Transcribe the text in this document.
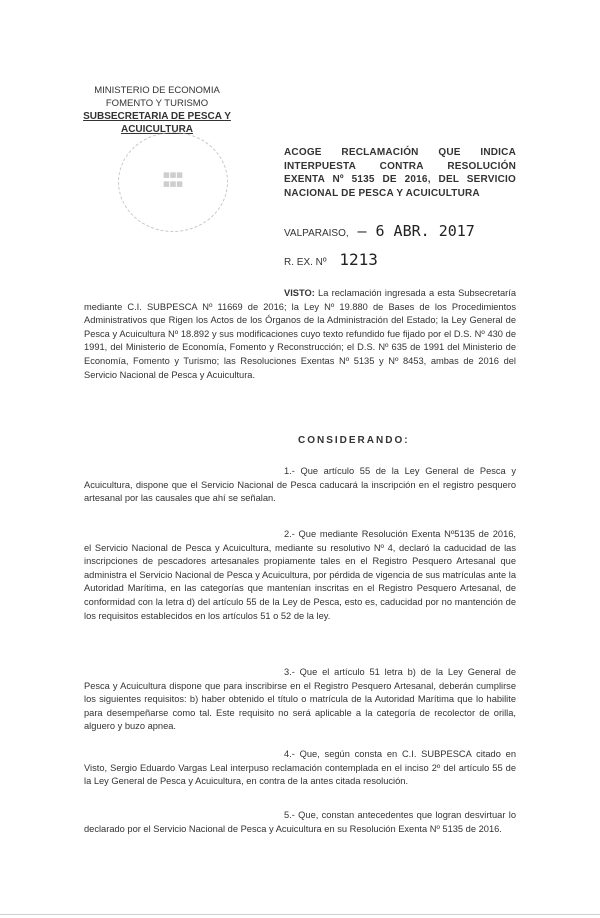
MINISTERIO DE ECONOMIA
FOMENTO Y TURISMO
SUBSECRETARIA DE PESCA Y ACUICULTURA
▦▦▦
▦▦▦
ACOGE RECLAMACIÓN QUE INDICA INTERPUESTA CONTRA RESOLUCIÓN EXENTA Nº 5135 DE 2016, DEL SERVICIO NACIONAL DE PESCA Y ACUICULTURA
VALPARAISO, – 6 ABR. 2017
R. EX. Nº 1213
VISTO: La reclamación ingresada a esta Subsecretaría mediante C.I. SUBPESCA Nº 11669 de 2016; la Ley Nº 19.880 de Bases de los Procedimientos Administrativos que Rigen los Actos de los Órganos de la Administración del Estado; la Ley General de Pesca y Acuicultura Nº 18.892 y sus modificaciones cuyo texto refundido fue fijado por el D.S. Nº 430 de 1991, del Ministerio de Economía, Fomento y Reconstrucción; el D.S. Nº 635 de 1991 del Ministerio de Economía, Fomento y Turismo; las Resoluciones Exentas Nº 5135 y Nº 8453, ambas de 2016 del Servicio Nacional de Pesca y Acuicultura.
CONSIDERANDO:
1.- Que artículo 55 de la Ley General de Pesca y Acuicultura, dispone que el Servicio Nacional de Pesca caducará la inscripción en el registro pesquero artesanal por las causales que ahí se señalan.
2.- Que mediante Resolución Exenta Nº5135 de 2016, el Servicio Nacional de Pesca y Acuicultura, mediante su resolutivo Nº 4, declaró la caducidad de las inscripciones de pescadores artesanales propiamente tales en el Registro Pesquero Artesanal que administra el Servicio Nacional de Pesca y Acuicultura, por pérdida de vigencia de sus matrículas ante la Autoridad Marítima, en las categorías que mantenían inscritas en el Registro Pesquero Artesanal, de conformidad con la letra d) del artículo 55 de la Ley de Pesca, esto es, caducidad por no mantención de los requisitos establecidos en los artículos 51 o 52 de la ley.
3.- Que el artículo 51 letra b) de la Ley General de Pesca y Acuicultura dispone que para inscribirse en el Registro Pesquero Artesanal, deberán cumplirse los siguientes requisitos: b) haber obtenido el título o matrícula de la Autoridad Marítima que lo habilite para desempeñarse como tal. Este requisito no será aplicable a la categoría de recolector de orilla, alguero y buzo apnea.
4.- Que, según consta en C.I. SUBPESCA citado en Visto, Sergio Eduardo Vargas Leal interpuso reclamación contemplada en el inciso 2º del artículo 55 de la Ley General de Pesca y Acuicultura, en contra de la antes citada resolución.
5.- Que, constan antecedentes que logran desvirtuar lo declarado por el Servicio Nacional de Pesca y Acuicultura en su Resolución Exenta Nº 5135 de 2016.
